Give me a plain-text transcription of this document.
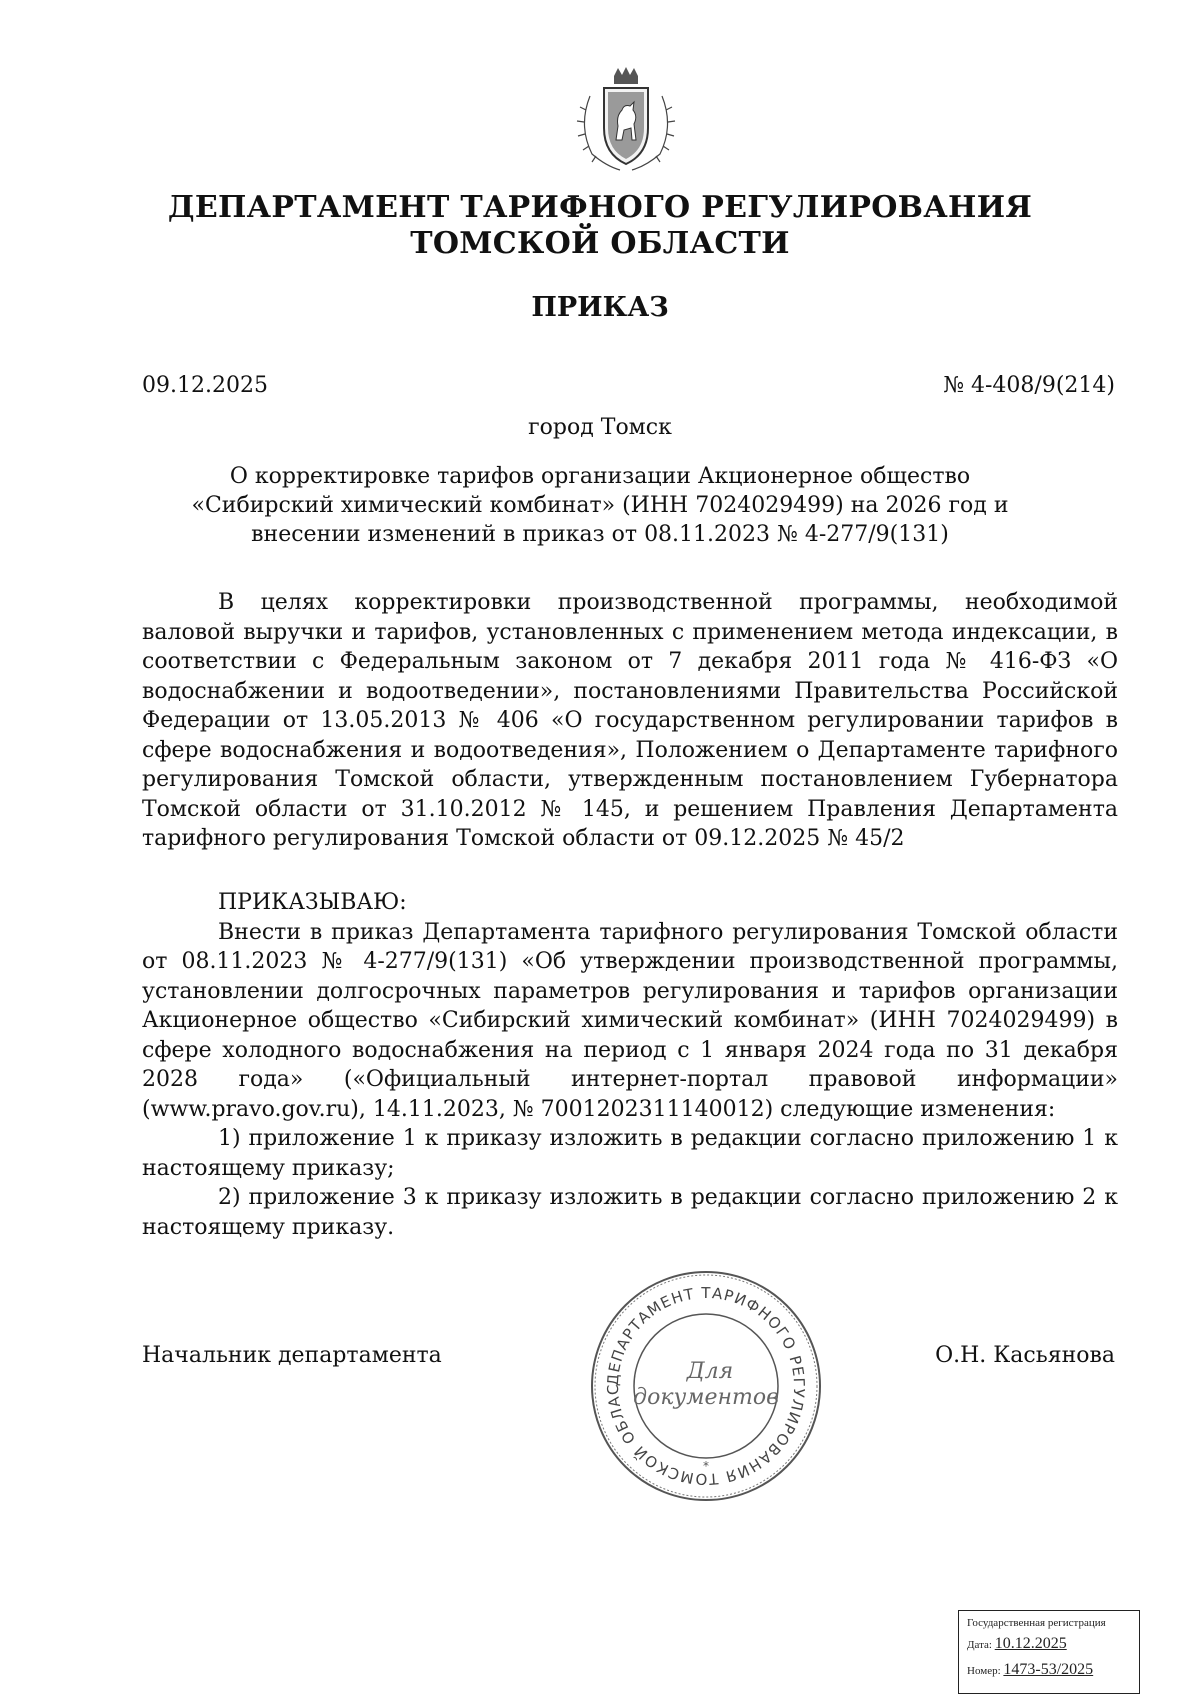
ДЕПАРТАМЕНТ ТАРИФНОГО РЕГУЛИРОВАНИЯ
ТОМСКОЙ ОБЛАСТИ
ПРИКАЗ
09.12.2025	№ 4-408/9(214)
город Томск
О корректировке тарифов организации Акционерное общество «Сибирский химический комбинат» (ИНН 7024029499) на 2026 год и внесении изменений в приказ от 08.11.2023 № 4-277/9(131)

В целях корректировки производственной программы, необходимой валовой выручки и тарифов, установленных с применением метода индексации, в соответствии с Федеральным законом от 7 декабря 2011 года № 416-ФЗ «О водоснабжении и водоотведении», постановлениями Правительства Российской Федерации от 13.05.2013 № 406 «О государственном регулировании тарифов в сфере водоснабжения и водоотведения», Положением о Департаменте тарифного регулирования Томской области, утвержденным постановлением Губернатора Томской области от 31.10.2012 № 145, и решением Правления Департамента тарифного регулирования Томской области от 09.12.2025 № 45/2

ПРИКАЗЫВАЮ:

Внести в приказ Департамента тарифного регулирования Томской области от 08.11.2023 № 4-277/9(131) «Об утверждении производственной программы, установлении долгосрочных параметров регулирования и тарифов организации Акционерное общество «Сибирский химический комбинат» (ИНН 7024029499) в сфере холодного водоснабжения на период с 1 января 2024 года по 31 декабря 2028 года» («Официальный интернет-портал правовой информации» (www.pravo.gov.ru), 14.11.2023, № 7001202311140012) следующие изменения:

1) приложение 1 к приказу изложить в редакции согласно приложению 1 к настоящему приказу;

2) приложение 3 к приказу изложить в редакции согласно приложению 2 к настоящему приказу.

Начальник департамента	О.Н. Касьянова
ДЕПАРТАМЕНТ ТАРИФНОГО РЕГУЛИРОВАНИЯ ТОМСКОЙ ОБЛАС
*
Для
документов
Государственная регистрация
Дата: 10.12.2025
Номер: 1473-53/2025
